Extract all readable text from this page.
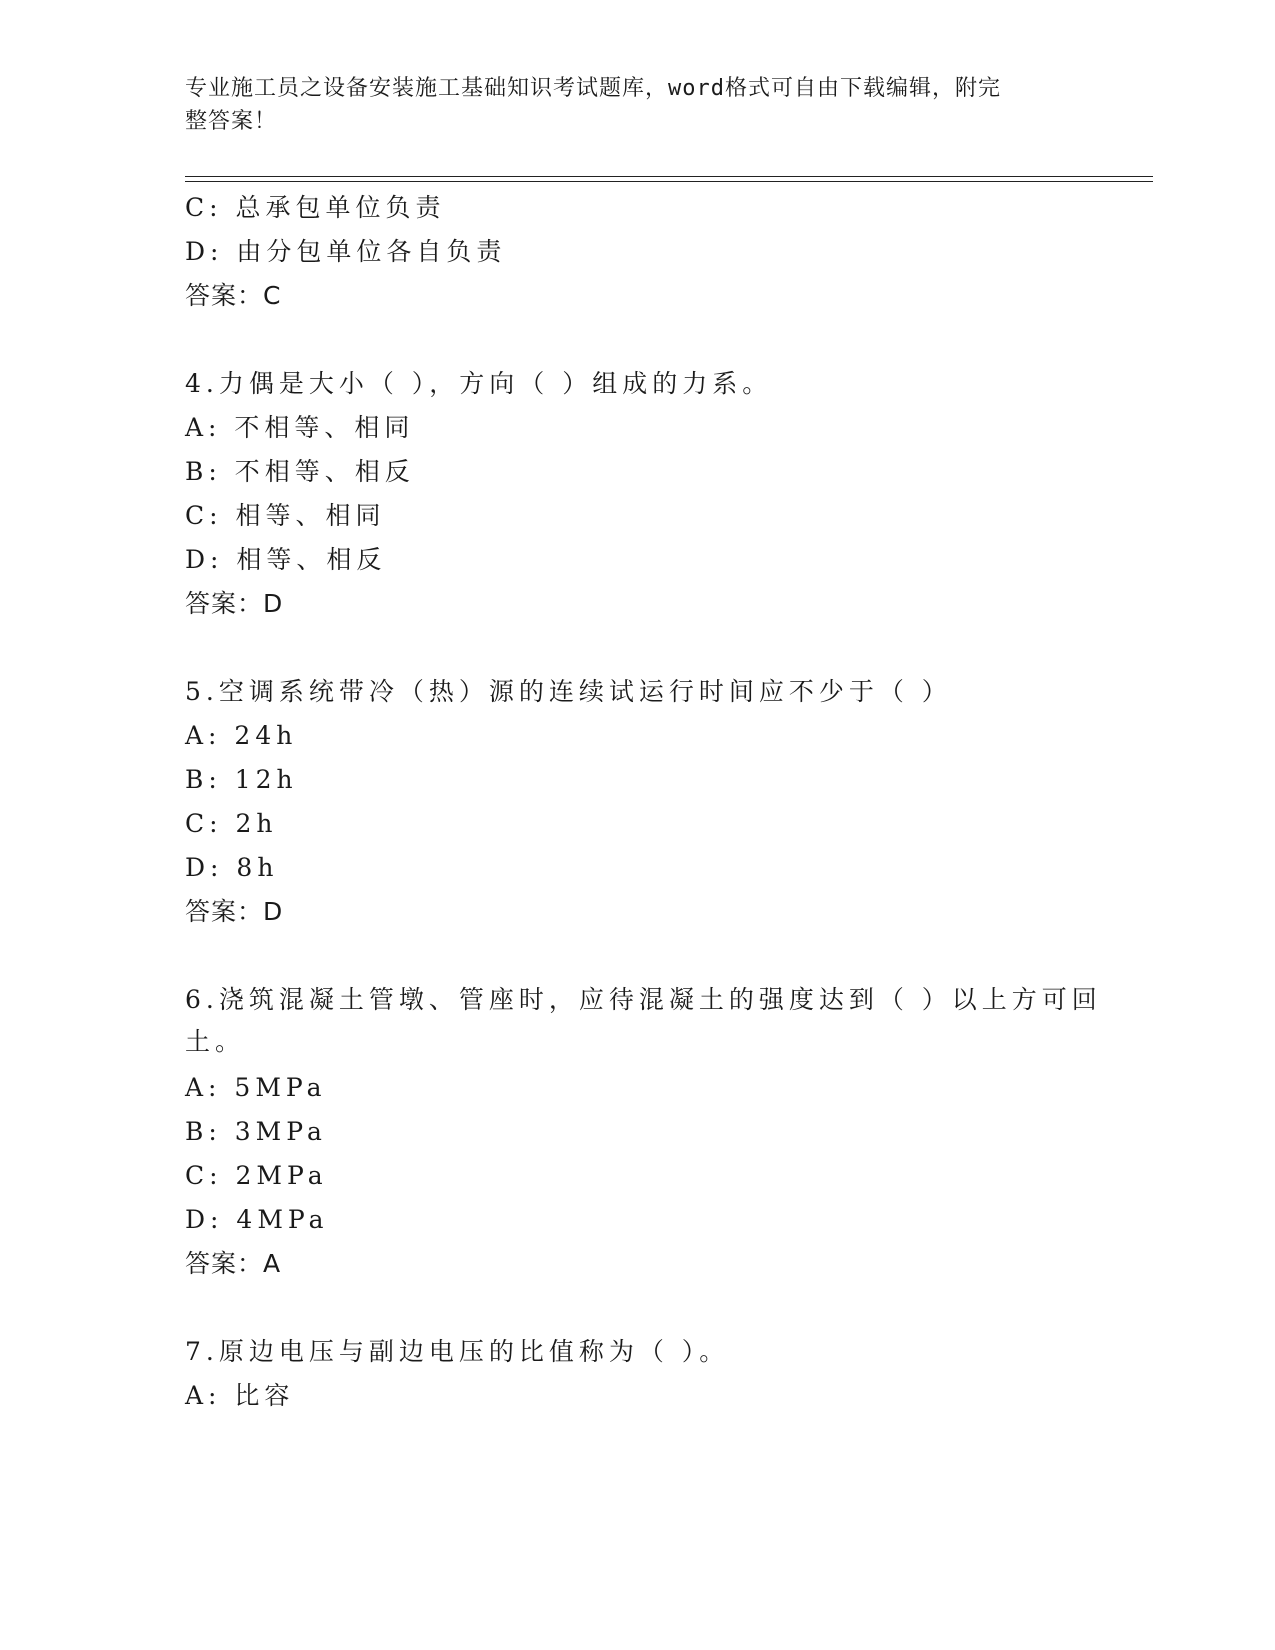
专业施工员之设备安装施工基础知识考试题库，word格式可自由下载编辑，附完
整答案！
C: 总承包单位负责
D: 由分包单位各自负责
答案：C
4.力偶是大小（ ），方向（ ）组成的力系。
A: 不相等、相同
B: 不相等、相反
C: 相等、相同
D: 相等、相反
答案：D
5.空调系统带冷（热）源的连续试运行时间应不少于（ ）
A: 24h
B: 12h
C: 2h
D: 8h
答案：D
6.浇筑混凝土管墩、管座时，应待混凝土的强度达到（ ）以上方可回
土。
A: 5MPa
B: 3MPa
C: 2MPa
D: 4MPa
答案：A
7.原边电压与副边电压的比值称为（ ）。
A: 比容
